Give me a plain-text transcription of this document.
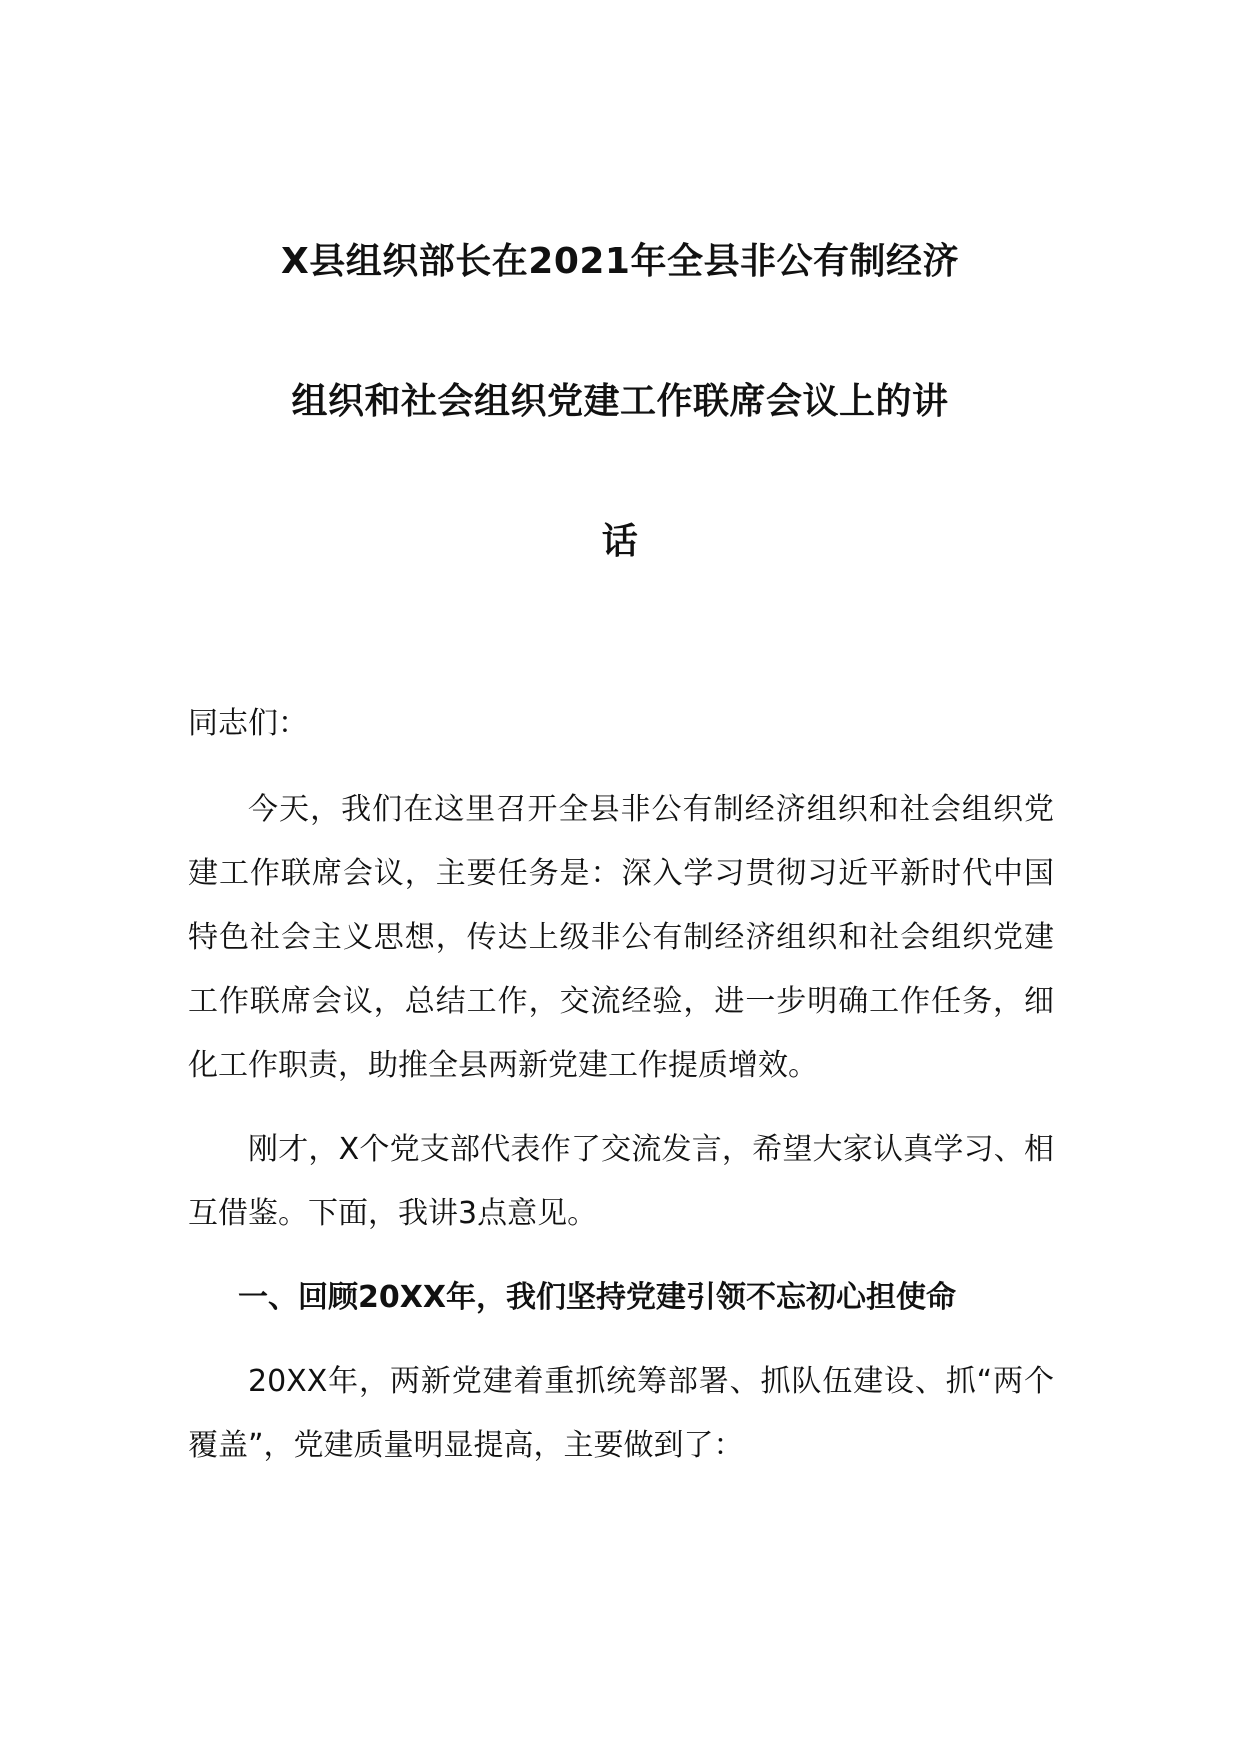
X县组织部长在2021年全县非公有制经济
组织和社会组织党建工作联席会议上的讲
话

同志们：

今天，我们在这里召开全县非公有制经济组织和社会组织党建工作联席会议，主要任务是：深入学习贯彻习近平新时代中国特色社会主义思想，传达上级非公有制经济组织和社会组织党建工作联席会议，总结工作，交流经验，进一步明确工作任务，细化工作职责，助推全县两新党建工作提质增效。

刚才，X个党支部代表作了交流发言，希望大家认真学习、相互借鉴。下面，我讲3点意见。

一、回顾20XX年，我们坚持党建引领不忘初心担使命

20XX年，两新党建着重抓统筹部署、抓队伍建设、抓“两个覆盖”，党建质量明显提高，主要做到了：
